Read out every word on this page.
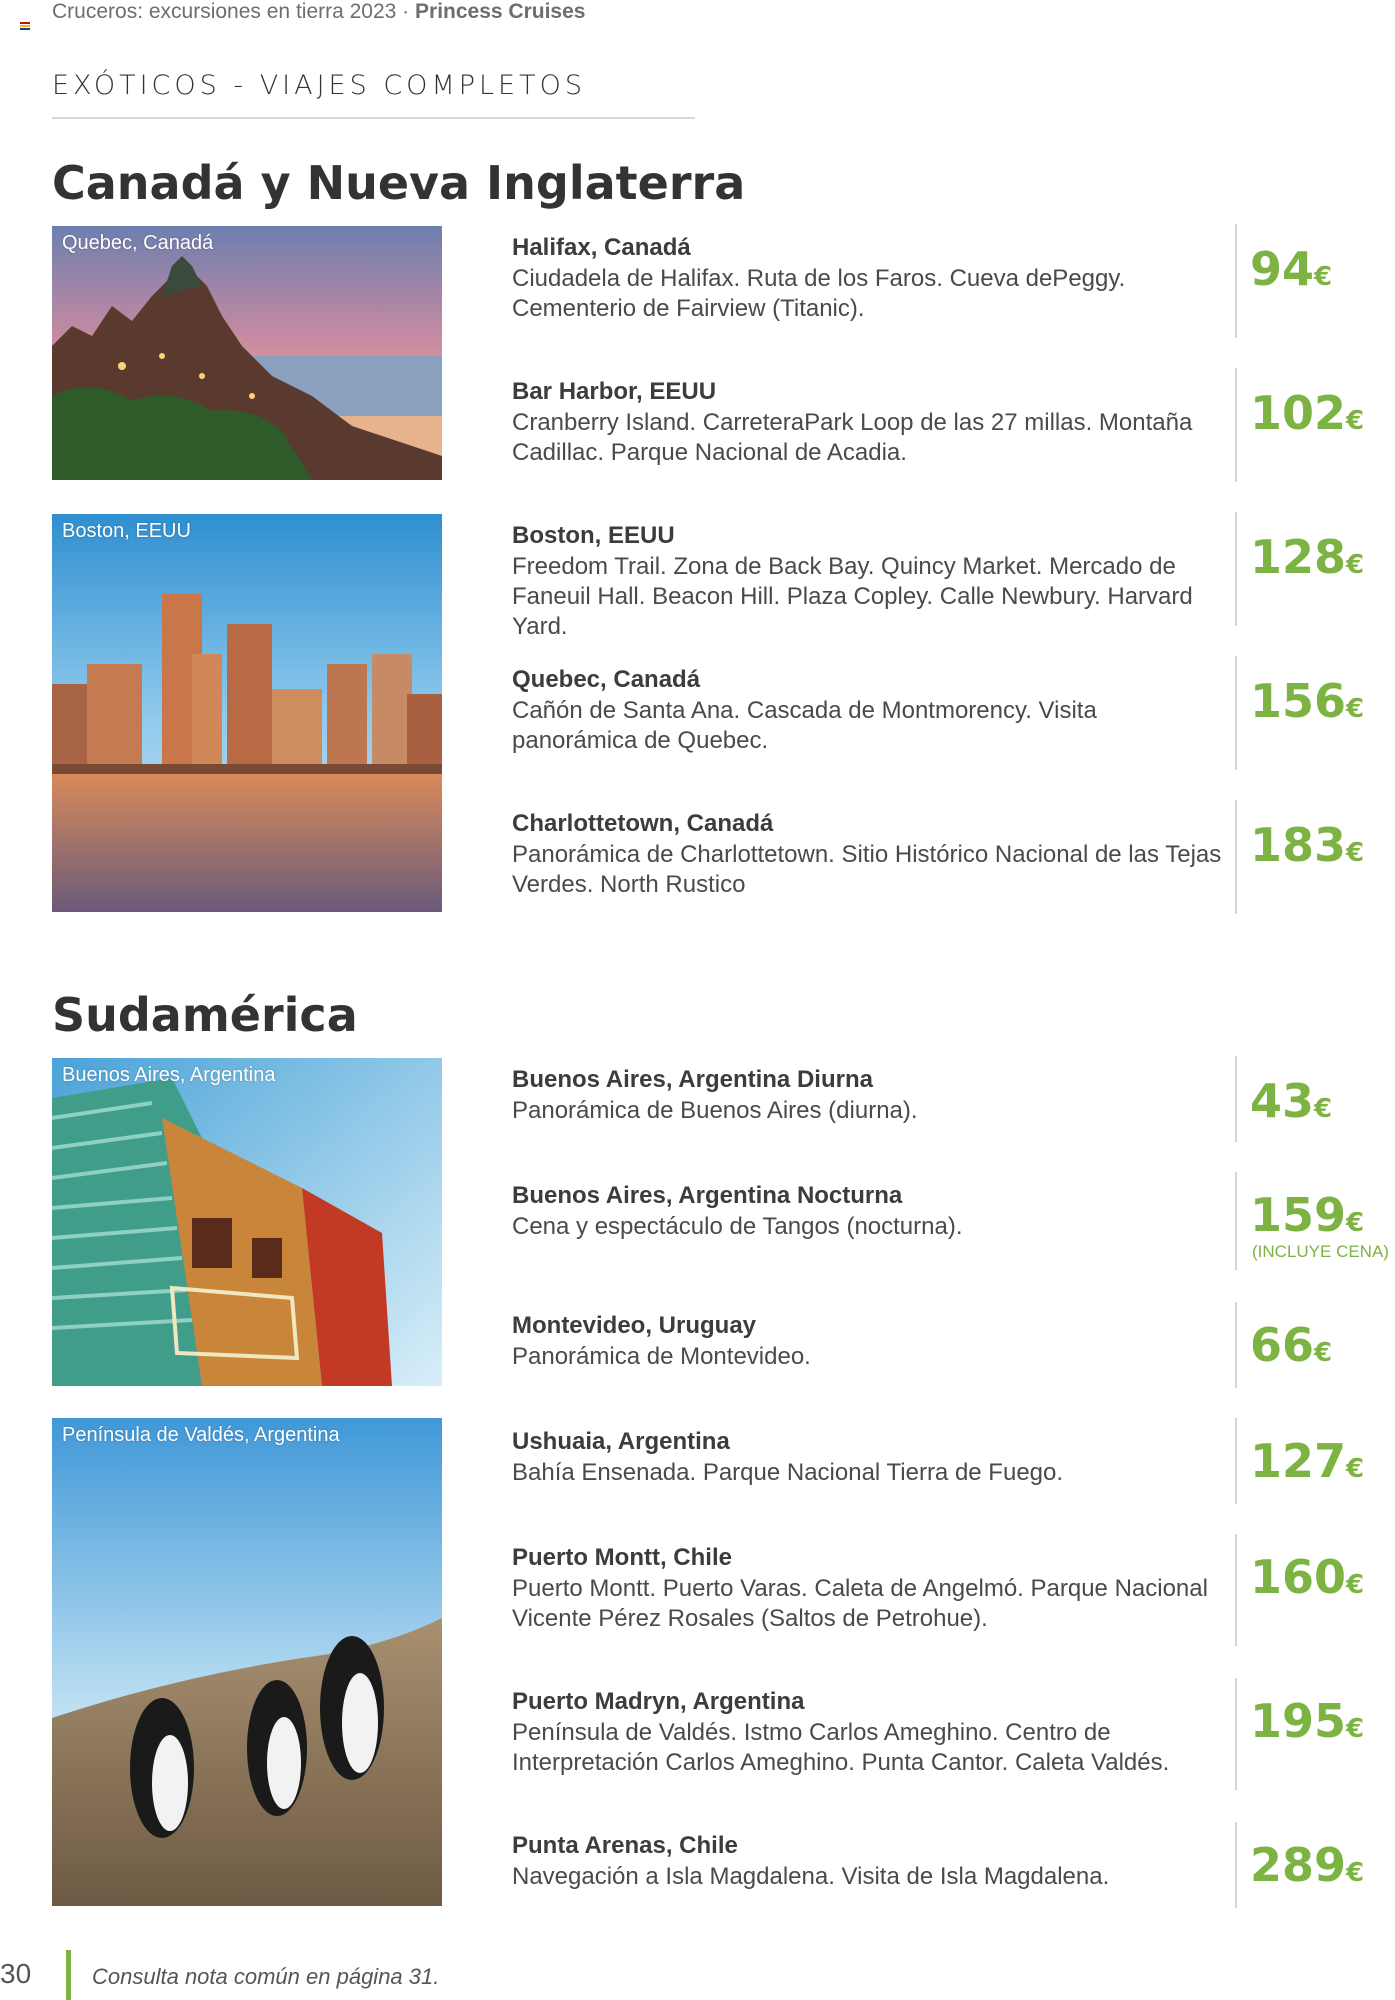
Cruceros: excursiones en tierra 2023 · Princess Cruises
EXÓTICOS - VIAJES COMPLETOS
Canadá y Nueva Inglaterra
Quebec, Canadá
Boston, EEUU
Halifax, Canadá
Ciudadela de Halifax. Ruta de los Faros. Cueva dePeggy.
Cementerio de Fairview (Titanic).
94€
Bar Harbor, EEUU
Cranberry Island. CarreteraPark Loop de las 27 millas. Montaña
Cadillac. Parque Nacional de Acadia.
102€
Boston, EEUU
Freedom Trail. Zona de Back Bay. Quincy Market. Mercado de
Faneuil Hall. Beacon Hill. Plaza Copley. Calle Newbury. Harvard Yard.
128€
Quebec, Canadá
Cañón de Santa Ana. Cascada de Montmorency. Visita
panorámica de Quebec.
156€
Charlottetown, Canadá
Panorámica de Charlottetown. Sitio Histórico Nacional de las Tejas
Verdes. North Rustico
183€
Sudamérica
Buenos Aires, Argentina
Península de Valdés, Argentina
Buenos Aires, Argentina Diurna
Panorámica de Buenos Aires (diurna).	43€
Buenos Aires, Argentina Nocturna
Cena y espectáculo de Tangos (nocturna).	159€
(INCLUYE CENA)
Montevideo, Uruguay
Panorámica de Montevideo.	66€
Ushuaia, Argentina
Bahía Ensenada. Parque Nacional Tierra de Fuego.	127€
Puerto Montt, Chile
Puerto Montt. Puerto Varas. Caleta de Angelmó. Parque Nacional
Vicente Pérez Rosales (Saltos de Petrohue).
160€
Puerto Madryn, Argentina
Península de Valdés. Istmo Carlos Ameghino. Centro de
Interpretación Carlos Ameghino. Punta Cantor. Caleta Valdés.
195€
Punta Arenas, Chile
Navegación a Isla Magdalena. Visita de Isla Magdalena.	289€
30	Consulta nota común en página 31.
